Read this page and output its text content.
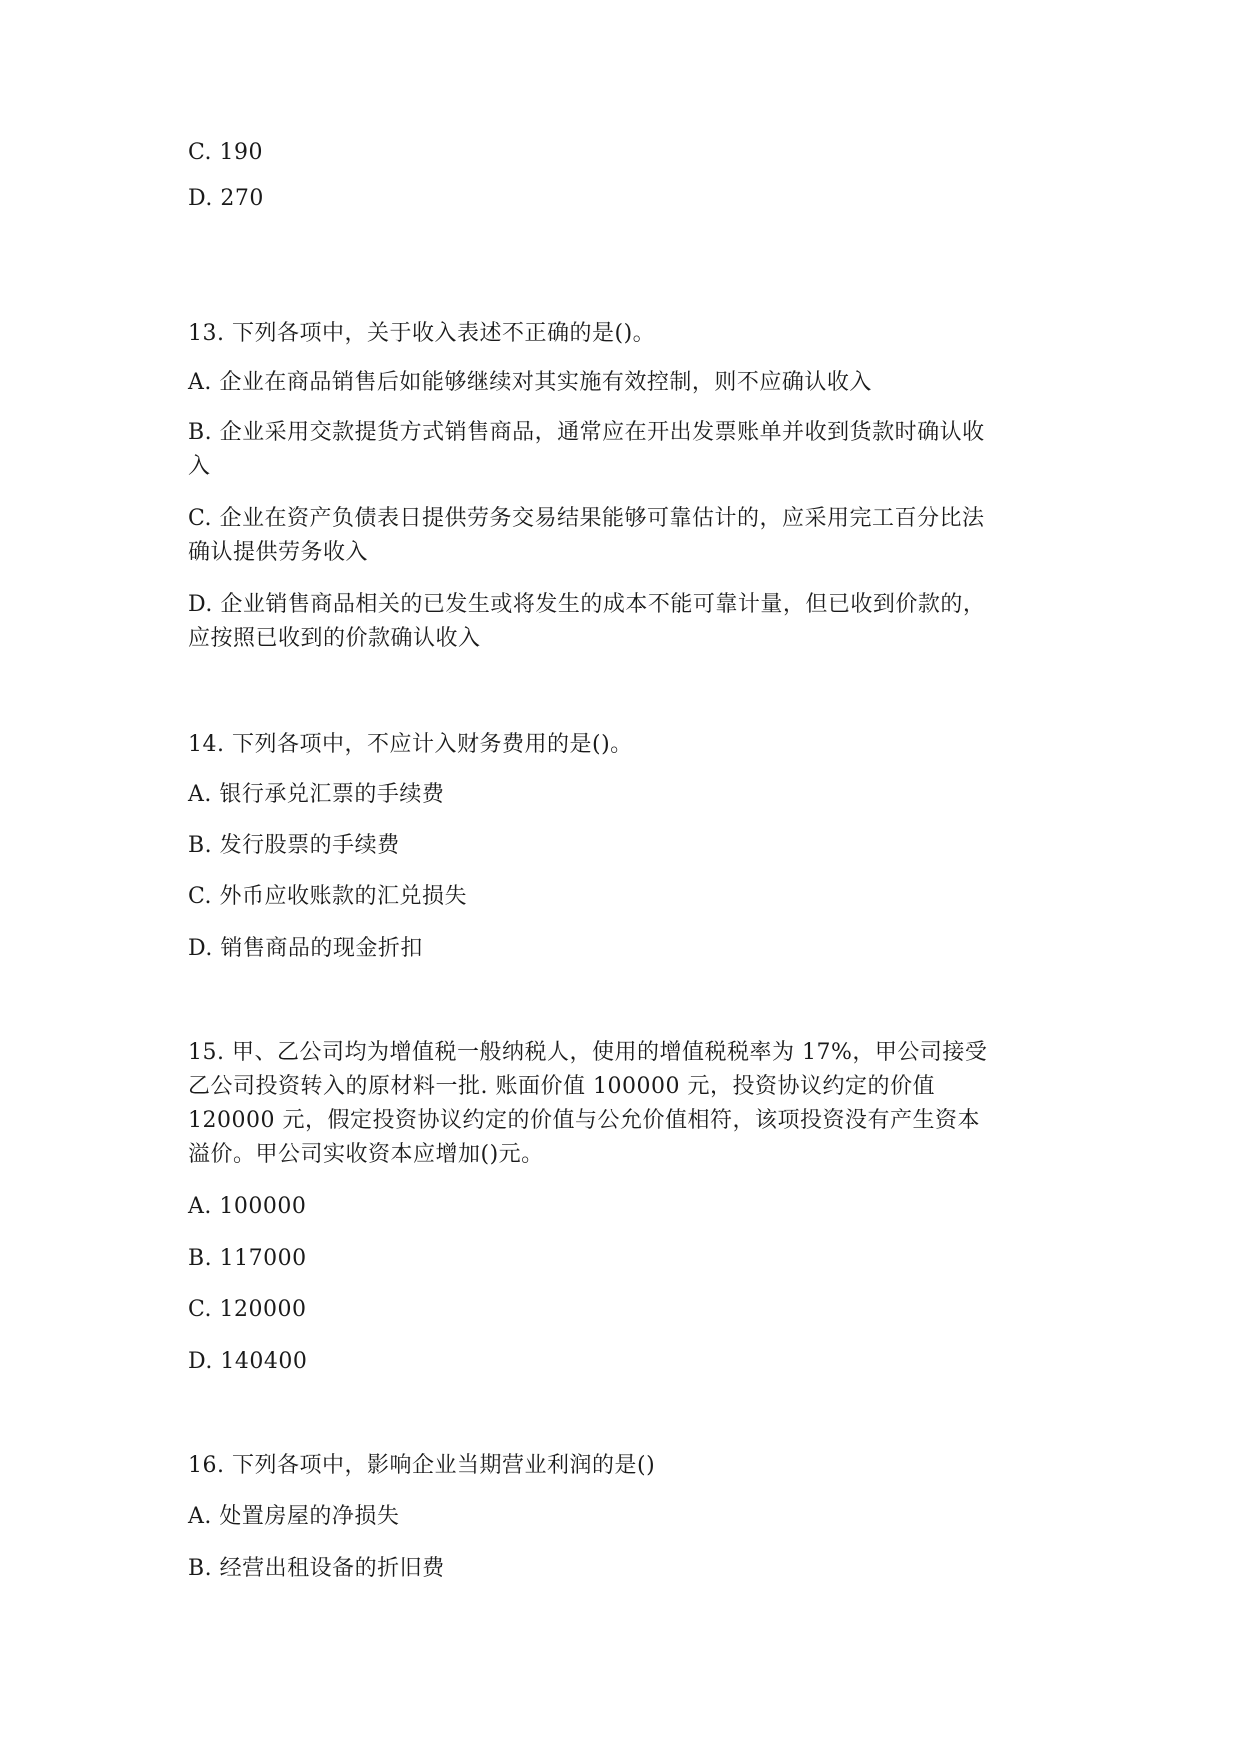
C. 190
D. 270
13. 下列各项中，关于收入表述不正确的是()。
A. 企业在商品销售后如能够继续对其实施有效控制，则不应确认收入
B. 企业采用交款提货方式销售商品，通常应在开出发票账单并收到货款时确认收
入
C. 企业在资产负债表日提供劳务交易结果能够可靠估计的，应采用完工百分比法
确认提供劳务收入
D. 企业销售商品相关的已发生或将发生的成本不能可靠计量，但已收到价款的，
应按照已收到的价款确认收入
14. 下列各项中，不应计入财务费用的是()。
A. 银行承兑汇票的手续费
B. 发行股票的手续费
C. 外币应收账款的汇兑损失
D. 销售商品的现金折扣
15. 甲、乙公司均为增值税一般纳税人，使用的增值税税率为 17%，甲公司接受
乙公司投资转入的原材料一批. 账面价值 100000 元，投资协议约定的价值
120000 元，假定投资协议约定的价值与公允价值相符，该项投资没有产生资本
溢价。甲公司实收资本应增加()元。
A. 100000
B. 117000
C. 120000
D. 140400
16. 下列各项中，影响企业当期营业利润的是()
A. 处置房屋的净损失
B. 经营出租设备的折旧费
